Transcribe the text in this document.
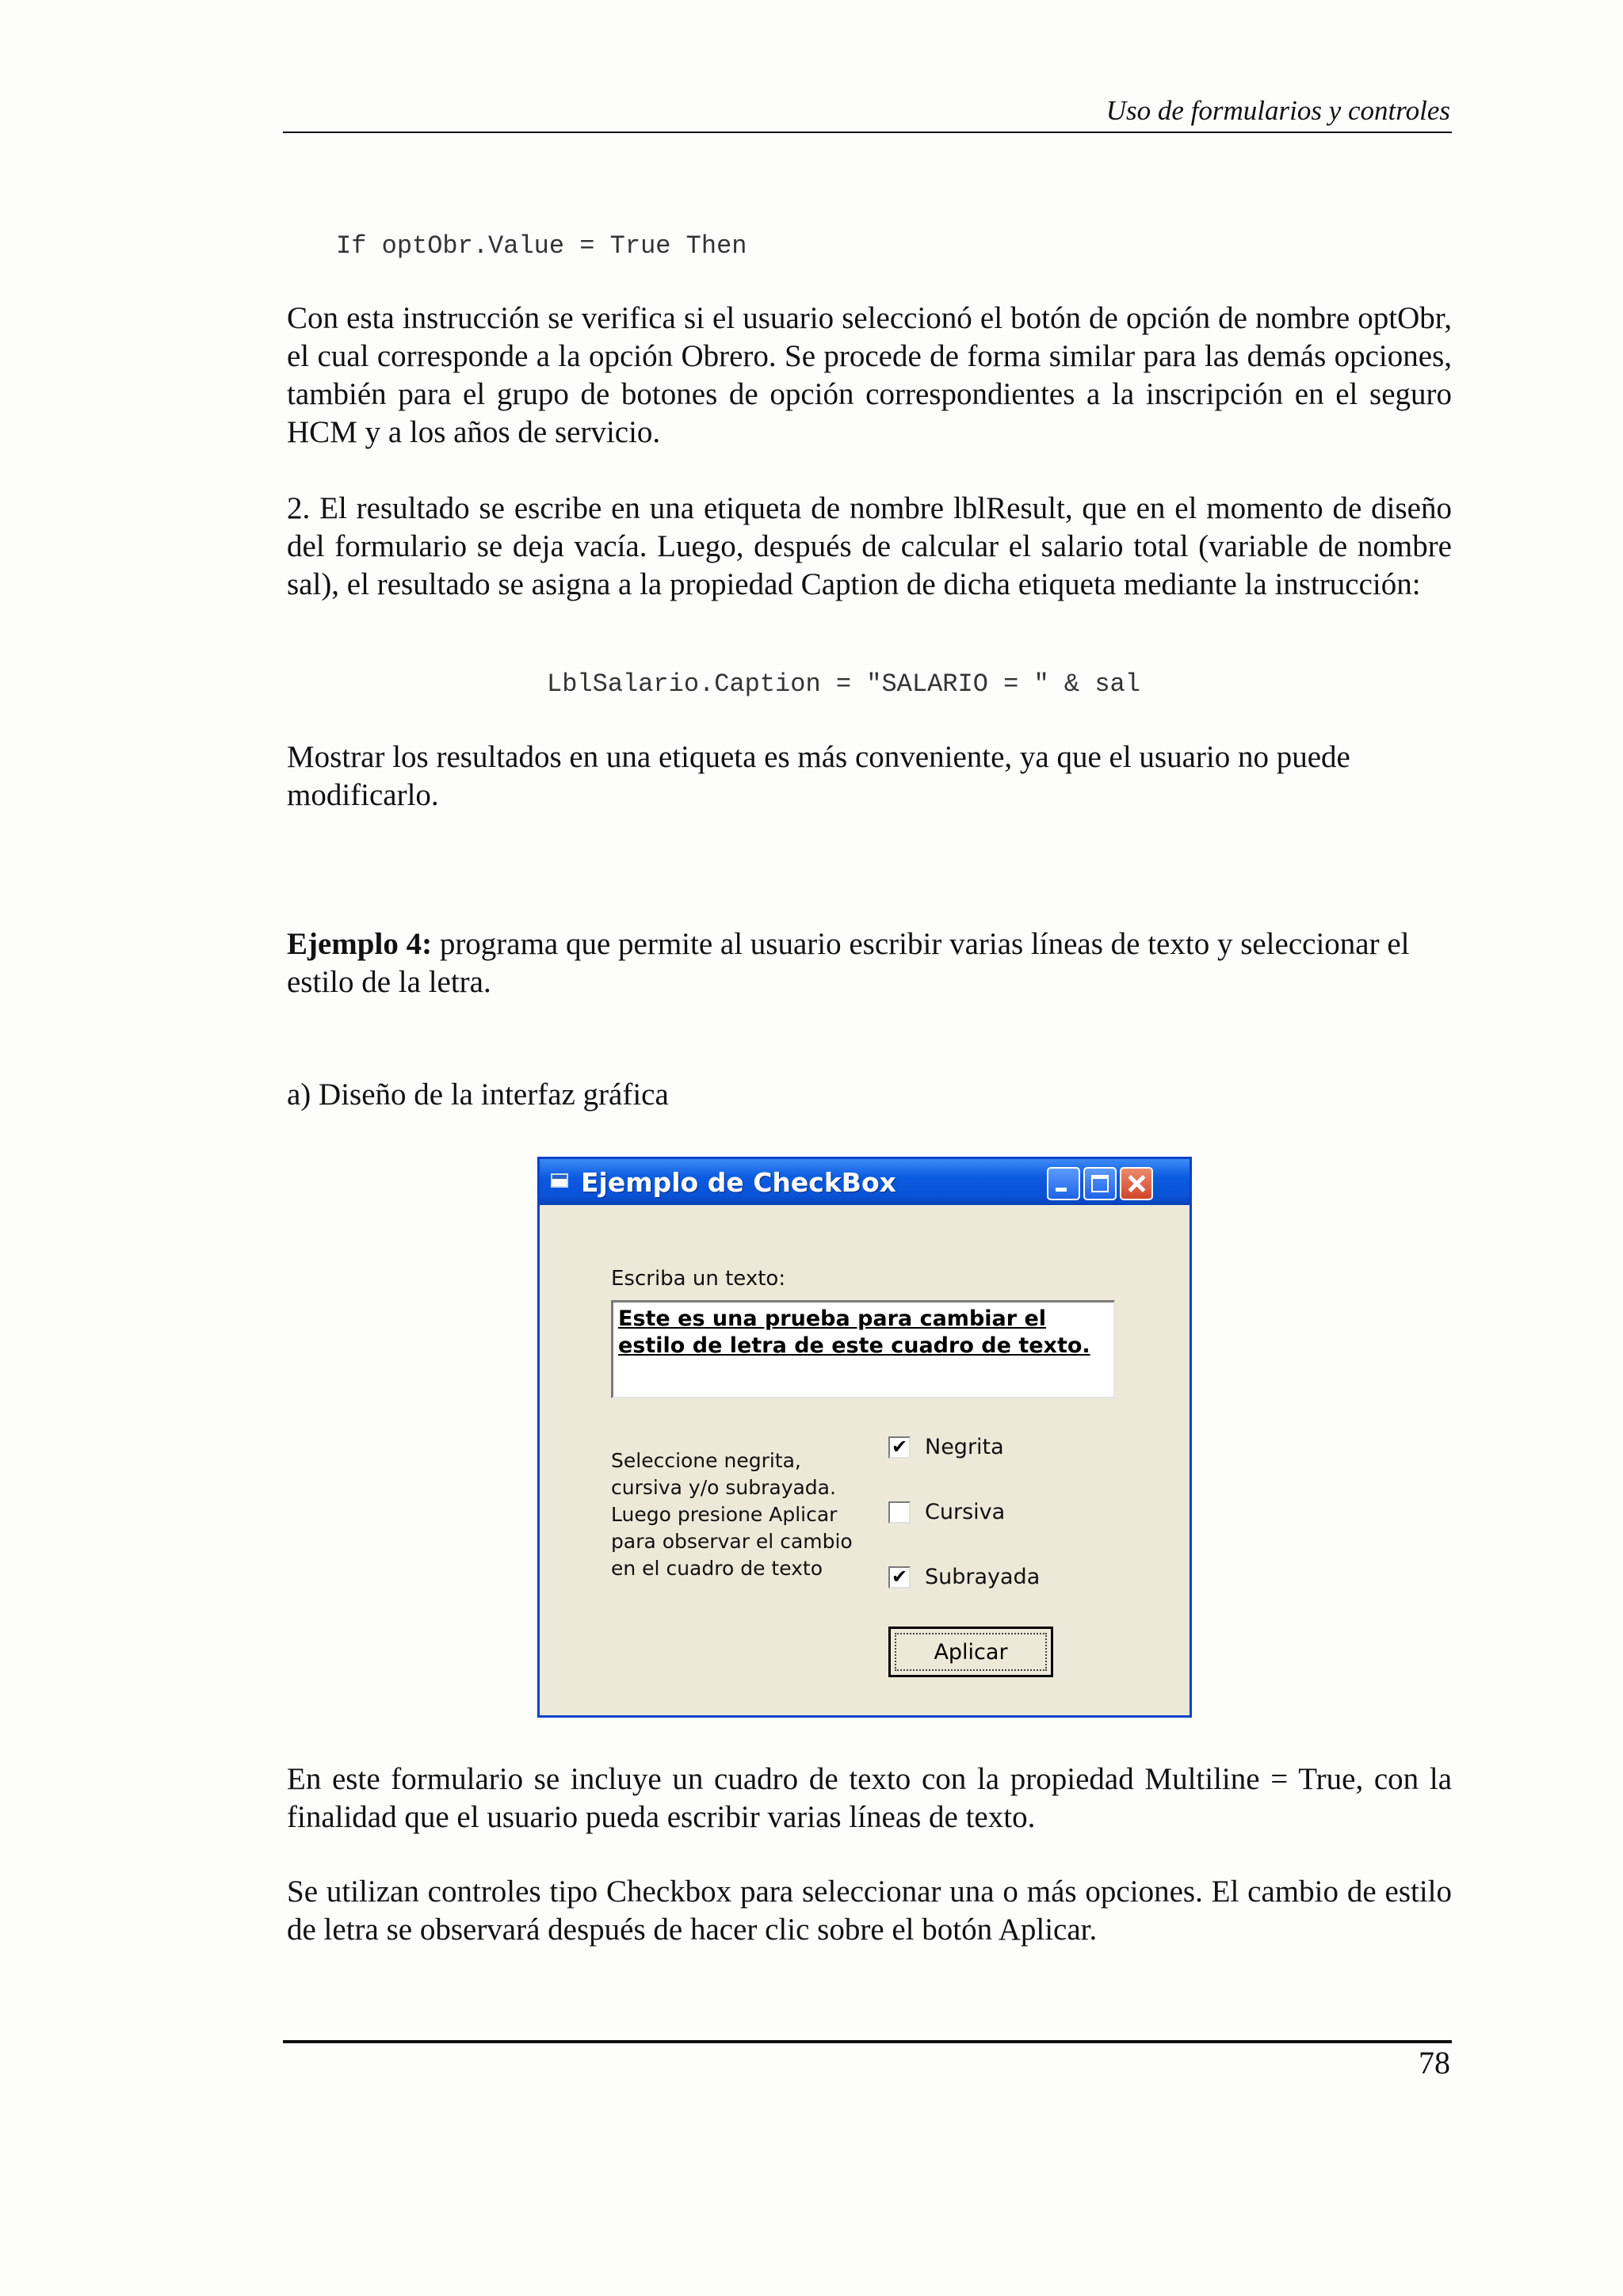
Uso de formularios y controles
If optObr.Value = True Then

Con esta instrucción se verifica si el usuario seleccionó el botón de opción de nombre optObr, el cual corresponde a la opción Obrero. Se procede de forma similar para las demás opciones, también para el grupo de botones de opción correspondientes a la inscripción en el seguro HCM y a los años de servicio.

2. El resultado se escribe en una etiqueta de nombre lblResult, que en el momento de diseño del formulario se deja vacía. Luego, después de calcular el salario total (variable de nombre sal), el resultado se asigna a la propiedad Caption de dicha etiqueta mediante la instrucción:

LblSalario.Caption = "SALARIO = " & sal

Mostrar los resultados en una etiqueta es más conveniente, ya que el usuario no puede modificarlo.

Ejemplo 4: programa que permite al usuario escribir varias líneas de texto y seleccionar el estilo de la letra.

a) Diseño de la interfaz gráfica

Ejemplo de CheckBox
Escriba un texto:
Este es una prueba para cambiar el estilo de letra de este cuadro de texto.
Seleccione negrita, cursiva y/o subrayada. Luego presione Aplicar para observar el cambio en el cuadro de texto
✔ Negrita
Cursiva
✔ Subrayada
Aplicar

En este formulario se incluye un cuadro de texto con la propiedad Multiline = True, con la finalidad que el usuario pueda escribir varias líneas de texto.

Se utilizan controles tipo Checkbox para seleccionar una o más opciones. El cambio de estilo de letra se observará después de hacer clic sobre el botón Aplicar.

78
